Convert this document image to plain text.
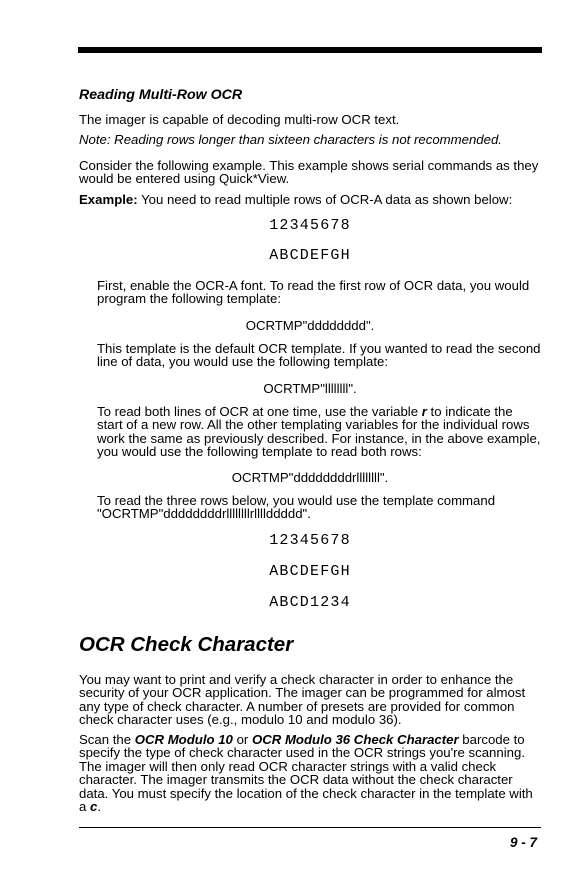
Reading Multi-Row OCR

The imager is capable of decoding multi-row OCR text.

Note: Reading rows longer than sixteen characters is not recommended.

Consider the following example. This example shows serial commands as they would be entered using Quick*View.

Example: You need to read multiple rows of OCR-A data as shown below:

12345678
ABCDEFGH

First, enable the OCR-A font. To read the first row of OCR data, you would program the following template:

OCRTMP"dddddddd".

This template is the default OCR template. If you wanted to read the second line of data, you would use the following template:

OCRTMP"llllllll".

To read both lines of OCR at one time, use the variable r to indicate the start of a new row. All the other templating variables for the individual rows work the same as previously described. For instance, in the above example, you would use the following template to read both rows:

OCRTMP"ddddddddrllllllll".

To read the three rows below, you would use the template command "OCRTMP"ddddddddrllllllllrllllddddd".

12345678
ABCDEFGH
ABCD1234
OCR Check Character

You may want to print and verify a check character in order to enhance the security of your OCR application. The imager can be programmed for almost any type of check character. A number of presets are provided for common check character uses (e.g., modulo 10 and modulo 36).

Scan the OCR Modulo 10 or OCR Modulo 36 Check Character barcode to specify the type of check character used in the OCR strings you're scanning. The imager will then only read OCR character strings with a valid check character. The imager transmits the OCR data without the check character data. You must specify the location of the check character in the template with a c.

9 - 7
